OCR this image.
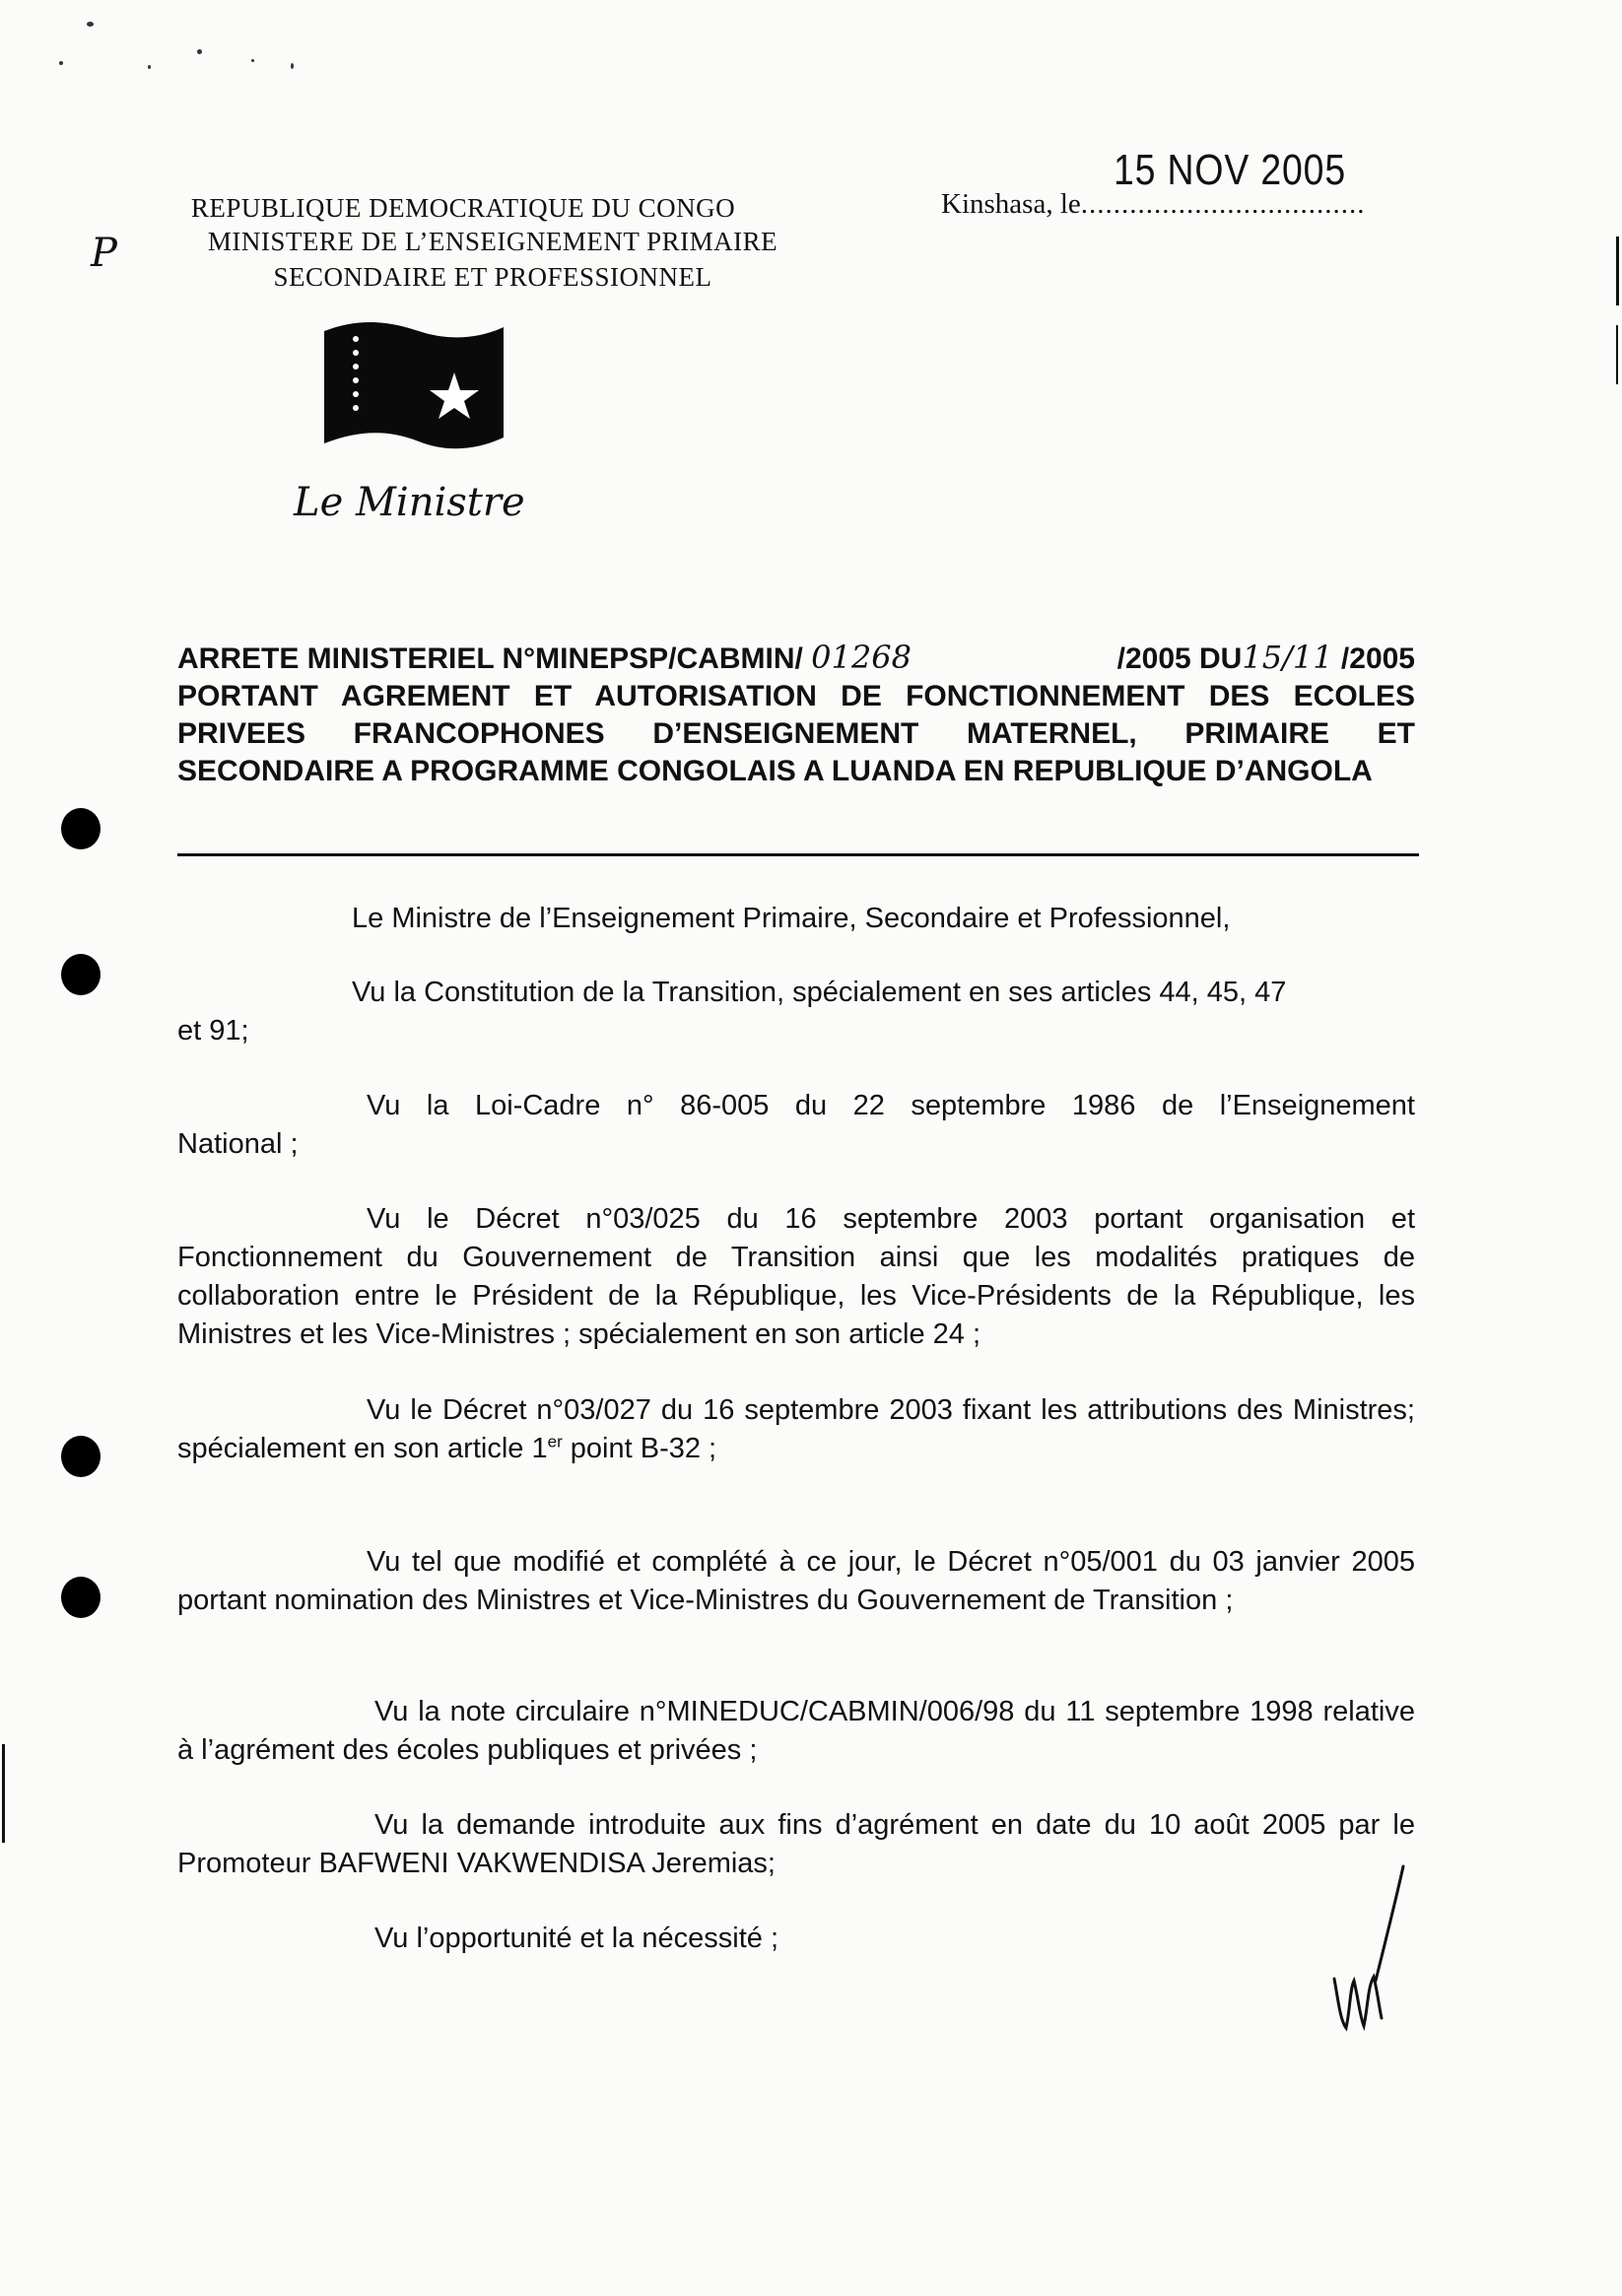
P
REPUBLIQUE DEMOCRATIQUE DU CONGO
MINISTERE DE L’ENSEIGNEMENT PRIMAIRE
SECONDAIRE ET PROFESSIONNEL
Kinshasa, le...................................
15 NOV 2005
Le Ministre
ARRETE MINISTERIEL N°MINEPSP/CABMIN/ 01268	/2005 DU15/11 /2005
PORTANT AGREMENT ET AUTORISATION DE FONCTIONNEMENT DES ECOLES PRIVEES FRANCOPHONES D’ENSEIGNEMENT MATERNEL, PRIMAIRE ET SECONDAIRE A PROGRAMME CONGOLAIS A LUANDA EN REPUBLIQUE D’ANGOLA
Le Ministre de l’Enseignement Primaire, Secondaire et Professionnel,
Vu la Constitution de la Transition, spécialement en ses articles 44, 45, 47
et 91;
Vu la Loi-Cadre n° 86-005 du 22 septembre 1986 de l’Enseignement
National ;
Vu le Décret n°03/025 du 16 septembre 2003 portant organisation et Fonctionnement du Gouvernement de Transition ainsi que les modalités pratiques de collaboration entre le Président de la République, les Vice-Présidents de la République, les Ministres et les Vice-Ministres ; spécialement en son article 24 ;
Vu le Décret n°03/027 du 16 septembre 2003 fixant les attributions des Ministres; spécialement en son article 1er point B-32 ;
Vu tel que modifié et complété à ce jour, le Décret n°05/001 du 03 janvier 2005 portant nomination des Ministres et Vice-Ministres du Gouvernement de Transition ;
Vu la note circulaire n°MINEDUC/CABMIN/006/98 du 11 septembre 1998 relative à l’agrément des écoles publiques et privées ;
Vu la demande introduite aux fins d’agrément en date du 10 août 2005 par le Promoteur BAFWENI VAKWENDISA Jeremias;
Vu l’opportunité et la nécessité ;
